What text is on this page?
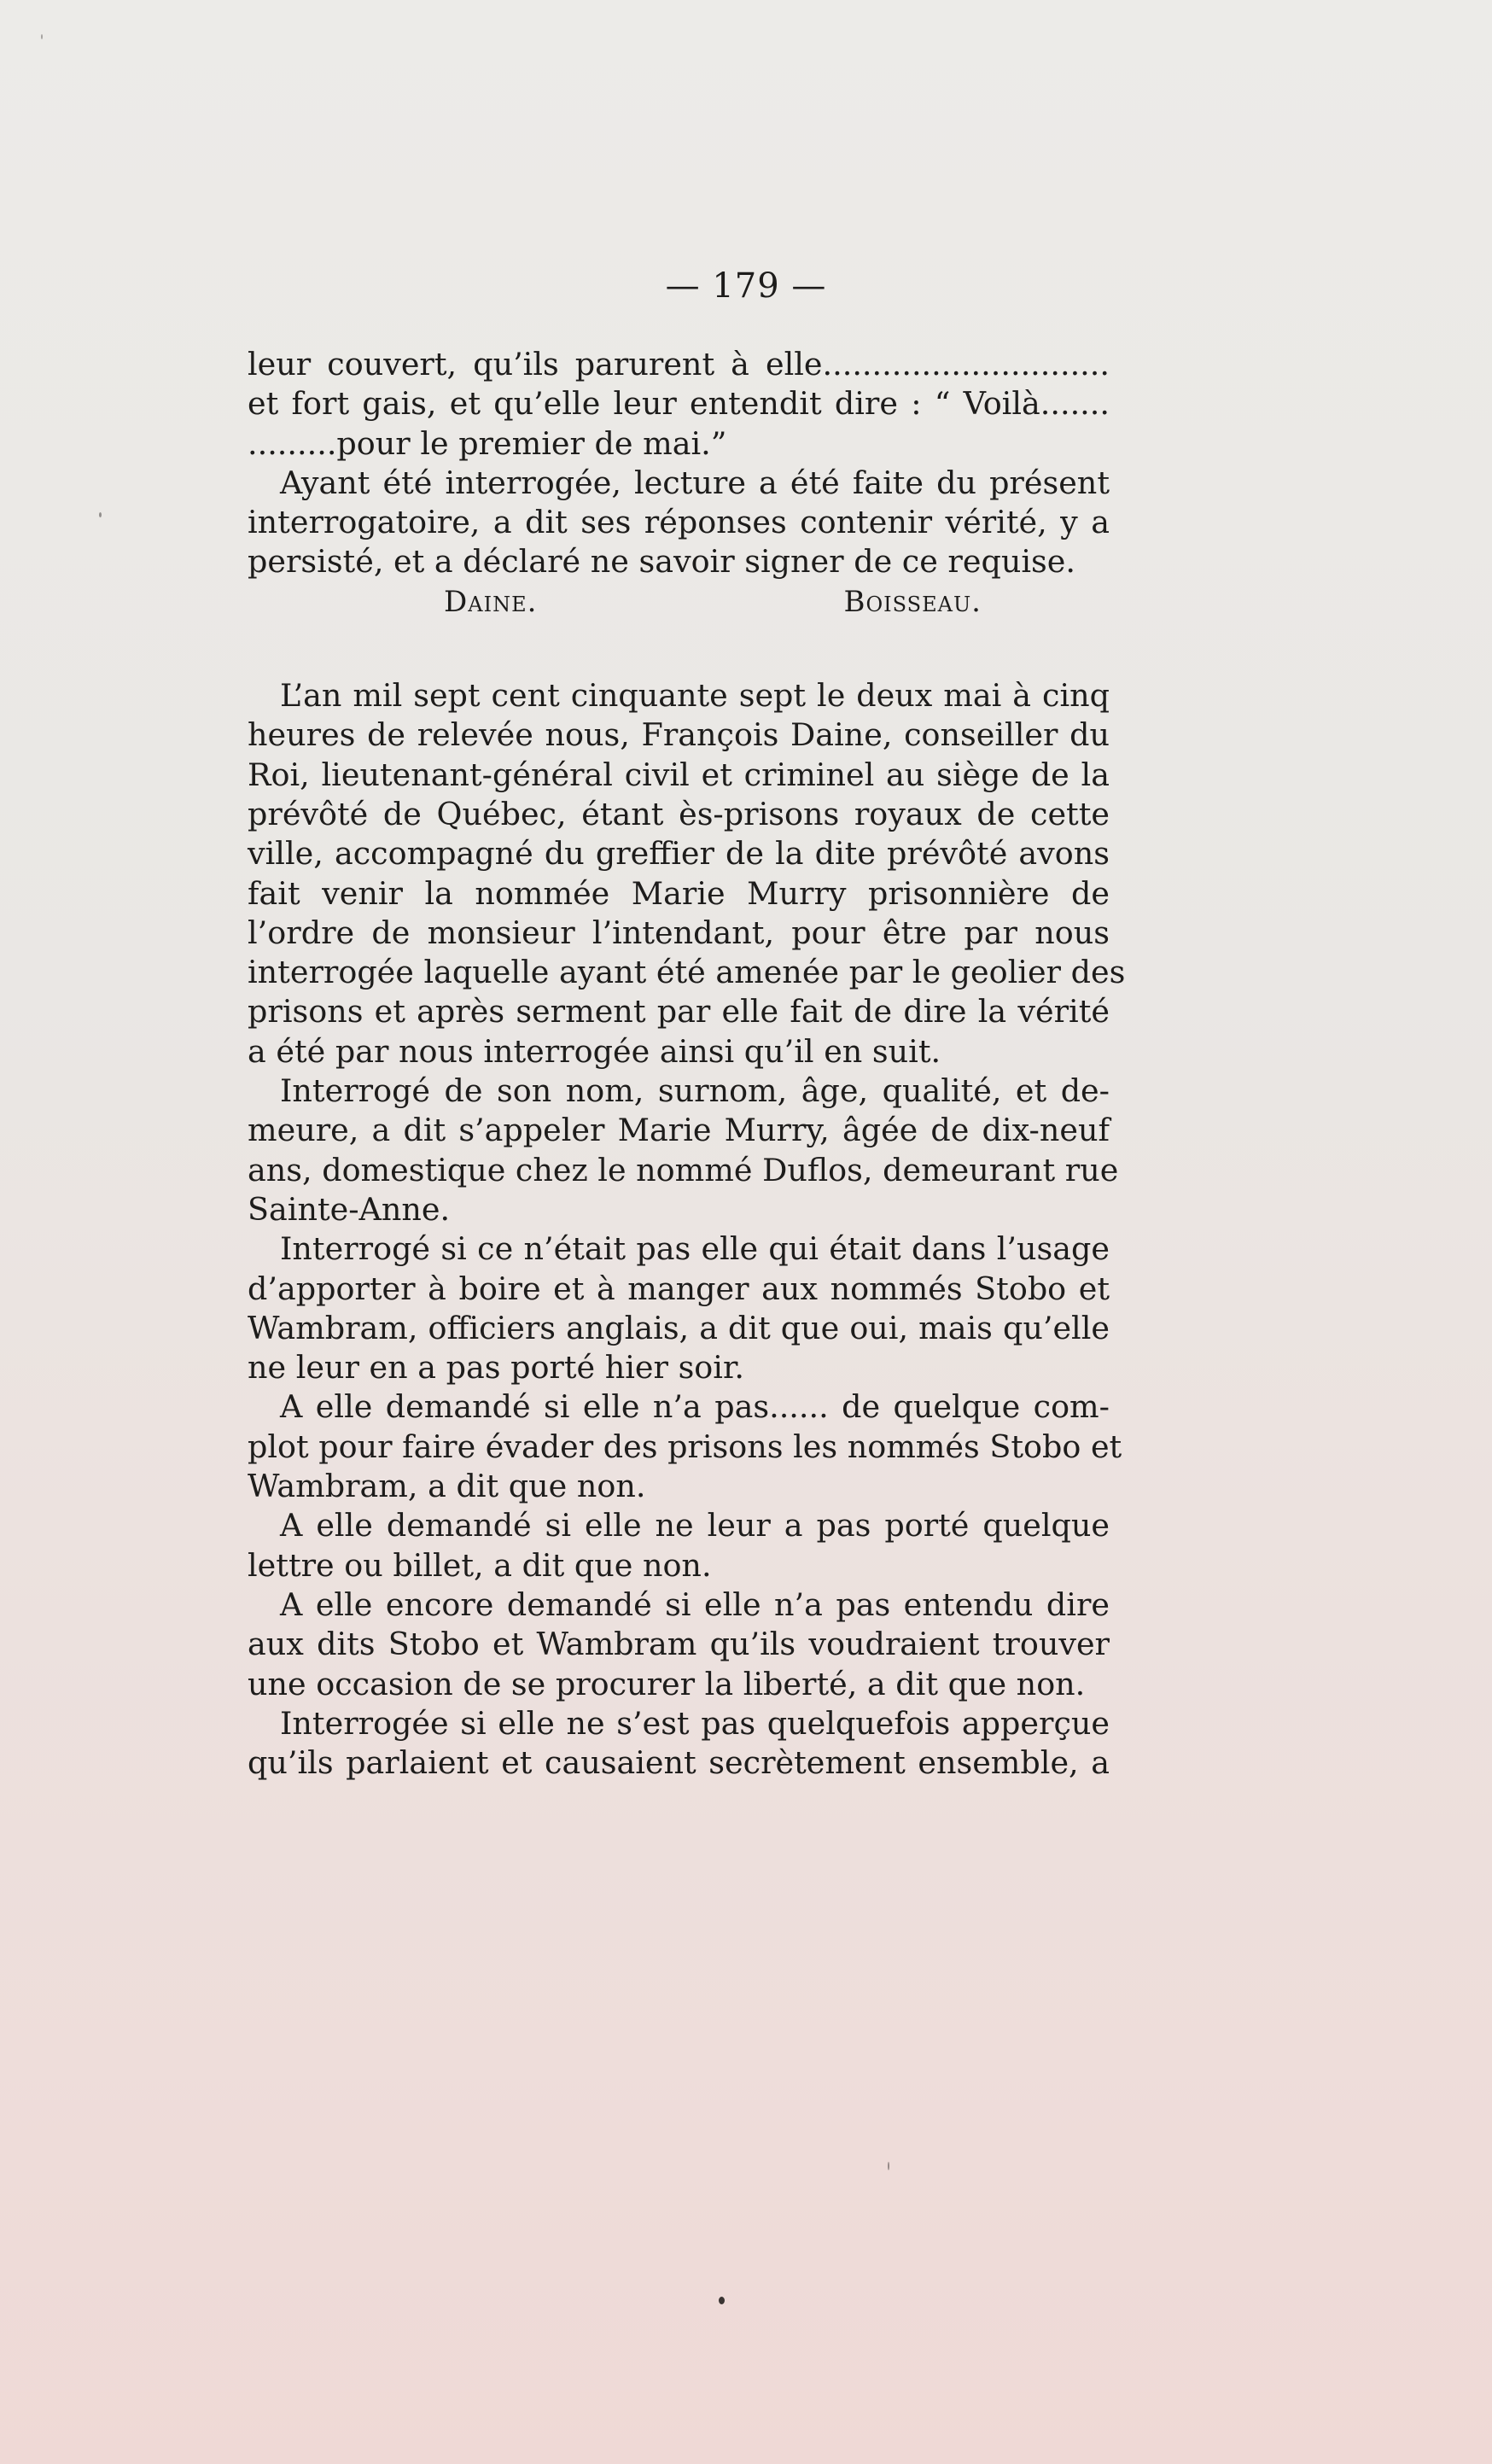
— 179 —
leur couvert, qu’ils parurent à elle.............................
et fort gais, et qu’elle leur entendit dire : “ Voilà.......
.........pour le premier de mai.”
Ayant été interrogée, lecture a été faite du présent
interrogatoire, a dit ses réponses contenir vérité, y a
persisté, et a déclaré ne savoir signer de ce requise.
Daine.	Boisseau.
L’an mil sept cent cinquante sept le deux mai à cinq
heures de relevée nous, François Daine, conseiller du
Roi, lieutenant-général civil et criminel au siège de la
prévôté de Québec, étant ès-prisons royaux de cette
ville, accompagné du greffier de la dite prévôté avons
fait venir la nommée Marie Murry prisonnière de
l’ordre de monsieur l’intendant, pour être par nous
interrogée laquelle ayant été amenée par le geolier des
prisons et après serment par elle fait de dire la vérité
a été par nous interrogée ainsi qu’il en suit.
Interrogé de son nom, surnom, âge, qualité, et de-
meure, a dit s’appeler Marie Murry, âgée de dix-neuf
ans, domestique chez le nommé Duflos, demeurant rue
Sainte-Anne.
Interrogé si ce n’était pas elle qui était dans l’usage
d’apporter à boire et à manger aux nommés Stobo et
Wambram, officiers anglais, a dit que oui, mais qu’elle
ne leur en a pas porté hier soir.
A elle demandé si elle n’a pas...... de quelque com-
plot pour faire évader des prisons les nommés Stobo et
Wambram, a dit que non.
A elle demandé si elle ne leur a pas porté quelque
lettre ou billet, a dit que non.
A elle encore demandé si elle n’a pas entendu dire
aux dits Stobo et Wambram qu’ils voudraient trouver
une occasion de se procurer la liberté, a dit que non.
Interrogée si elle ne s’est pas quelquefois apperçue
qu’ils parlaient et causaient secrètement ensemble, a
